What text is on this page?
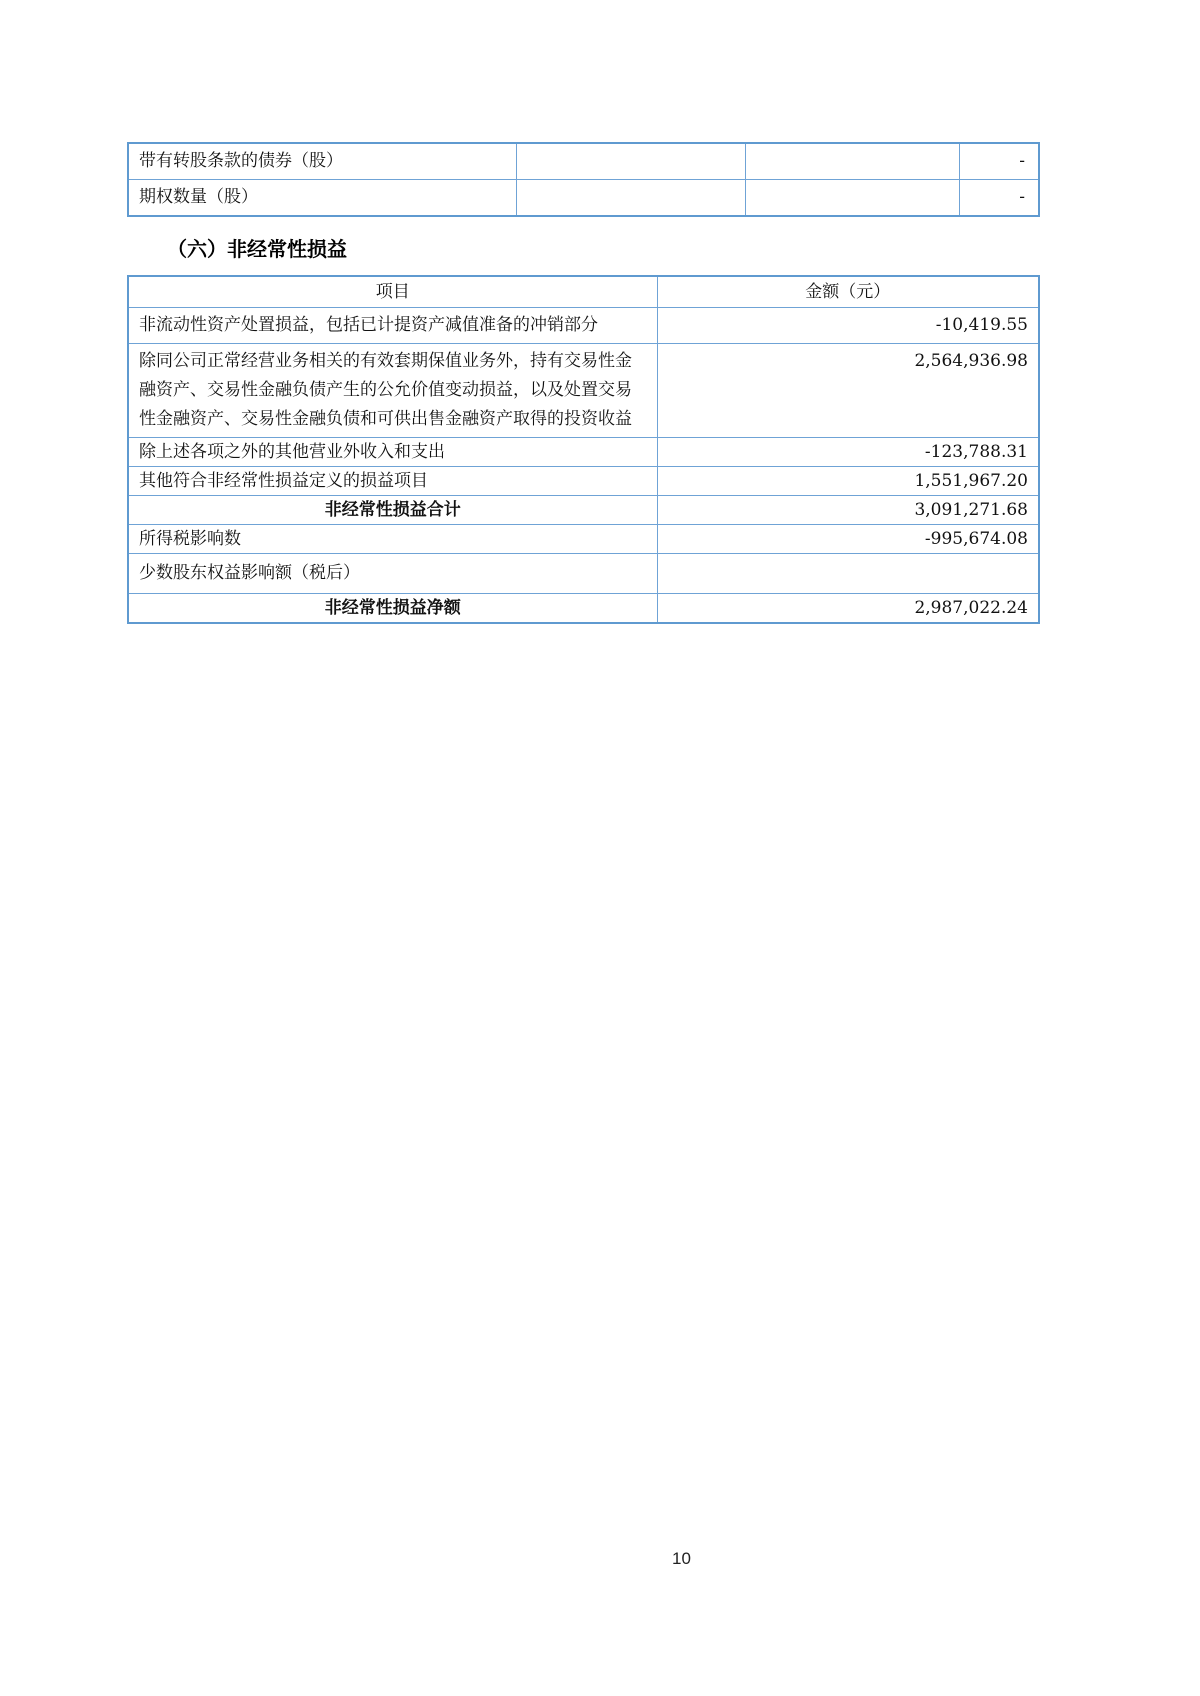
带有转股条款的债券（股）			-
期权数量（股）			-
（六）非经常性损益
项目	金额（元）
非流动性资产处置损益，包括已计提资产减值准备的冲销部分	-10,419.55
除同公司正常经营业务相关的有效套期保值业务外，持有交易性金融资产、交易性金融负债产生的公允价值变动损益，以及处置交易性金融资产、交易性金融负债和可供出售金融资产取得的投资收益	2,564,936.98
除上述各项之外的其他营业外收入和支出	-123,788.31
其他符合非经常性损益定义的损益项目	1,551,967.20
非经常性损益合计	3,091,271.68
所得税影响数	-995,674.08
少数股东权益影响额（税后）	
非经常性损益净额	2,987,022.24
10
